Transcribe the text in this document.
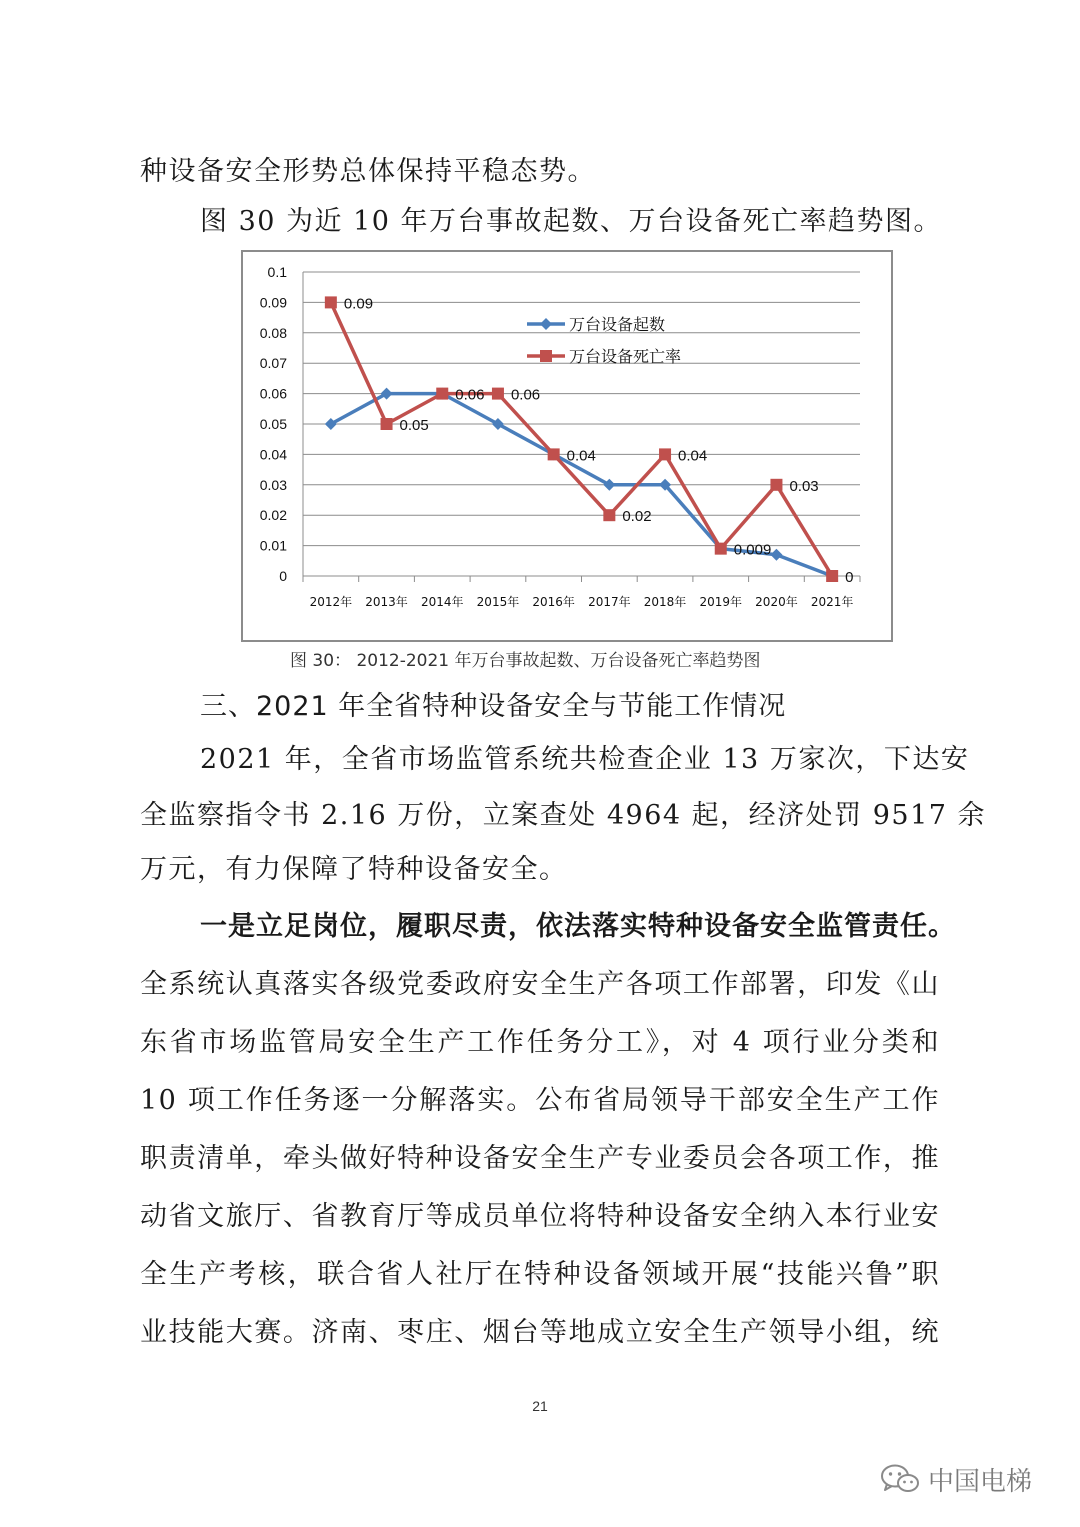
种设备安全形势总体保持平稳态势。
图 30 为近 10 年万台事故起数、万台设备死亡率趋势图。
0
0.01
0.02
0.03
0.04
0.05
0.06
0.07
0.08
0.09
0.1
2012年 2013年 2014年 2015年 2016年 2017年 2018年 2019年 2020年 2021年
0.09
0.05
0.06 0.06
0.04
0.02
0.04
0.009
0.03
0
万台设备起数
万台设备死亡率
图 30： 2012-2021 年万台事故起数、万台设备死亡率趋势图
三、2021 年全省特种设备安全与节能工作情况
2021 年，全省市场监管系统共检查企业 13 万家次，下达安
全监察指令书 2.16 万份，立案查处 4964 起，经济处罚 9517 余
万元，有力保障了特种设备安全。
一是立足岗位，履职尽责，依法落实特种设备安全监管责任。
全系统认真落实各级党委政府安全生产各项工作部署，印发《山
东省市场监管局安全生产工作任务分工》，对 4 项行业分类和
10 项工作任务逐一分解落实。公布省局领导干部安全生产工作
职责清单，牵头做好特种设备安全生产专业委员会各项工作，推
动省文旅厅、省教育厅等成员单位将特种设备安全纳入本行业安
全生产考核，联合省人社厅在特种设备领域开展“技能兴鲁”职
业技能大赛。济南、枣庄、烟台等地成立安全生产领导小组，统
21
中国电梯
